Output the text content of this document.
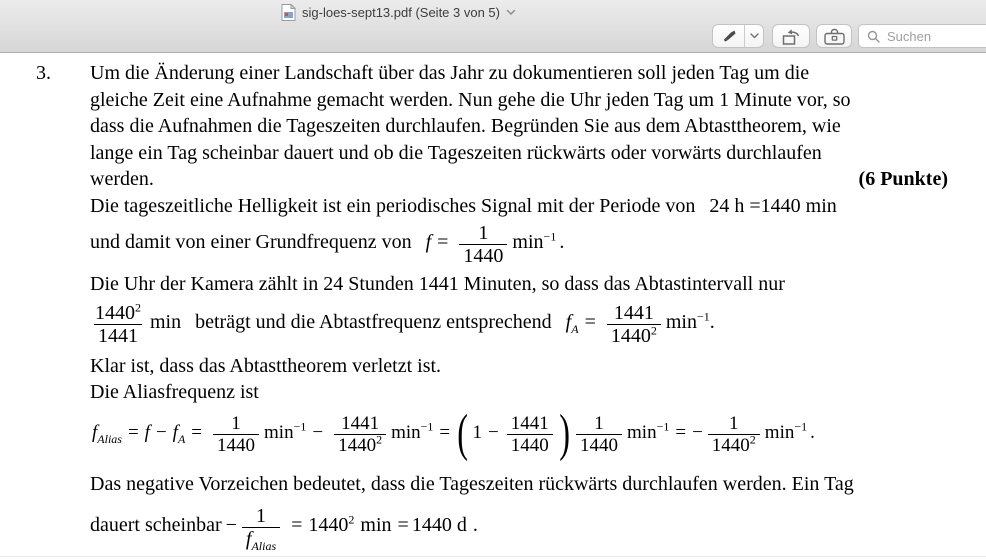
sig-loes-sept13.pdf (Seite 3 von 5)
Suchen
3.	Um die Änderung einer Landschaft über das Jahr zu dokumentieren soll jeden Tag um die
gleiche Zeit eine Aufnahme gemacht werden. Nun gehe die Uhr jeden Tag um 1 Minute vor, so
dass die Aufnahmen die Tageszeiten durchlaufen. Begründen Sie aus dem Abtasttheorem, wie
lange ein Tag scheinbar dauert und ob die Tageszeiten rückwärts oder vorwärts durchlaufen
werden.	(6 Punkte)

Die tageszeitliche Helligkeit ist ein periodisches Signal mit der Periode von 24 h =1440 min

und damit von einer Grundfrequenz von $f = \frac{1}{1440} \min^{-1}$ .

Die Uhr der Kamera zählt in 24 Stunden 1441 Minuten, so dass das Abtastintervall nur

$\frac{1440^2}{1441}$ min beträgt und die Abtastfrequenz entsprechend $f_A = \frac{1441}{1440^2} \min^{-1}$ .

Klar ist, dass das Abtasttheorem verletzt ist.

Die Aliasfrequenz ist

$f_{Alias} = f - f_A = \frac{1}{1440} \min^{-1} - \frac{1441}{1440^2} \min^{-1}$ = ( $1 - \frac{1441}{1440}$ ) $\frac{1}{1440} \min^{-1}$ = − $\frac{1}{1440^2} \min^{-1}$ .

Das negative Vorzeichen bedeutet, dass die Tageszeiten rückwärts durchlaufen werden. Ein Tag

dauert scheinbar − $\frac{1}{f_{Alias}} = 1440^2$ min = 1440 d .
